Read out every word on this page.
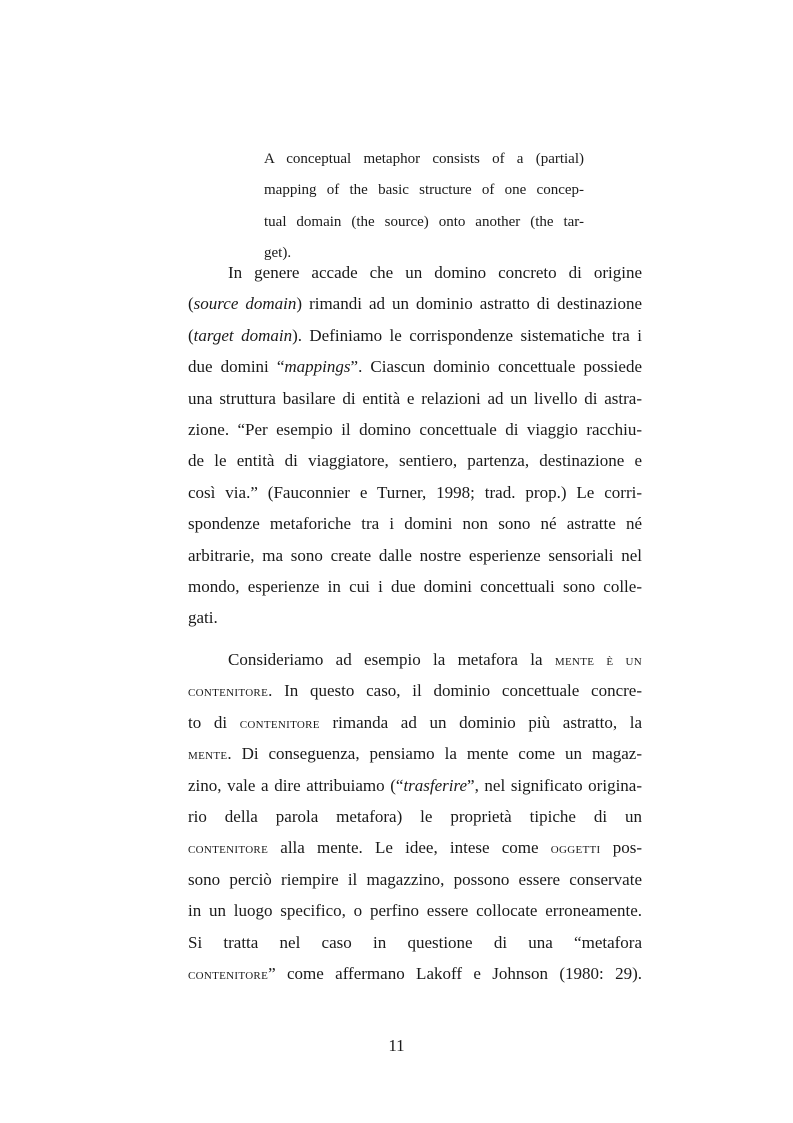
A conceptual metaphor consists of a (partial)
mapping of the basic structure of one concep-
tual domain (the source) onto another (the tar-
get).
In genere accade che un domino concreto di origine
(source domain) rimandi ad un dominio astratto di destinazione
(target domain). Definiamo le corrispondenze sistematiche tra i
due domini “mappings”. Ciascun dominio concettuale possiede
una struttura basilare di entità e relazioni ad un livello di astra-
zione. “Per esempio il domino concettuale di viaggio racchiu-
de le entità di viaggiatore, sentiero, partenza, destinazione e
così via.” (Fauconnier e Turner, 1998; trad. prop.) Le corri-
spondenze metaforiche tra i domini non sono né astratte né
arbitrarie, ma sono create dalle nostre esperienze sensoriali nel
mondo, esperienze in cui i due domini concettuali sono colle-
gati.
Consideriamo ad esempio la metafora la mente è un
contenitore. In questo caso, il dominio concettuale concre-
to di contenitore rimanda ad un dominio più astratto, la
mente. Di conseguenza, pensiamo la mente come un magaz-
zino, vale a dire attribuiamo (“trasferire”, nel significato origina-
rio della parola metafora) le proprietà tipiche di un
contenitore alla mente. Le idee, intese come oggetti pos-
sono perciò riempire il magazzino, possono essere conservate
in un luogo specifico, o perfino essere collocate erroneamente.
Si tratta nel caso in questione di una “metafora
contenitore” come affermano Lakoff e Johnson (1980: 29).
11
